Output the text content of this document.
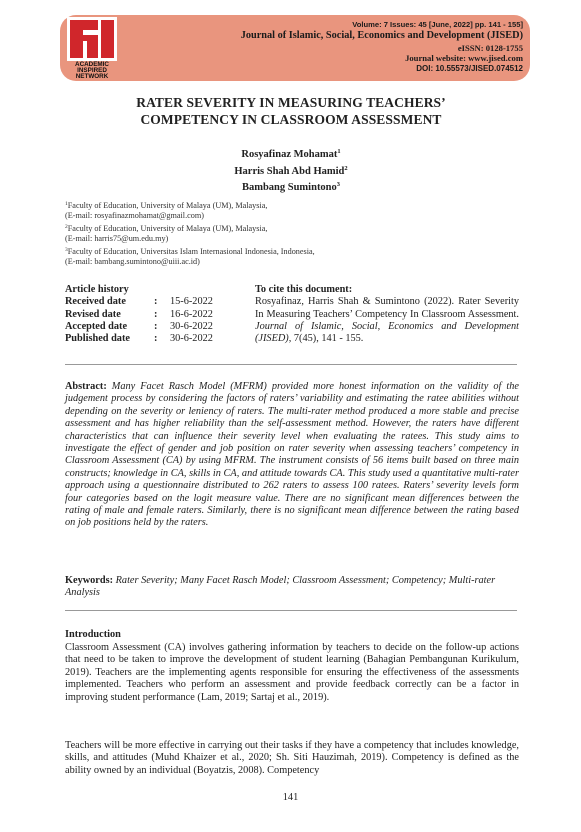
ACADEMIC
INSPIRED
NETWORK
Volume: 7 Issues: 45 [June, 2022] pp. 141 - 155]
Journal of Islamic, Social, Economics and Development (JISED)
eISSN: 0128-1755
Journal website: www.jised.com
DOI: 10.55573/JISED.074512
RATER SEVERITY IN MEASURING TEACHERS’
COMPETENCY IN CLASSROOM ASSESSMENT
Rosyafinaz Mohamat$^1$
Harris Shah Abd Hamid$^2$
Bambang Sumintono$^3$
$^1$Faculty of Education, University of Malaya (UM), Malaysia,
(E-mail: rosyafinazmohamat@gmail.com)
$^2$Faculty of Education, University of Malaya (UM), Malaysia,
(E-mail: harris75@um.edu.my)
$^3$Faculty of Education, Universitas Islam Internasional Indonesia, Indonesia,
(E-mail: bambang.sumintono@uiii.ac.id)
Article history
Received date	:	15-6-2022
Revised date	:	16-6-2022
Accepted date	:	30-6-2022
Published date	:	30-6-2022
To cite this document:
Rosyafinaz, Harris Shah & Sumintono (2022). Rater Severity In Measuring Teachers’ Competency In Classroom Assessment. Journal of Islamic, Social, Economics and Development (JISED), 7(45), 141 - 155.
Abstract: Many Facet Rasch Model (MFRM) provided more honest information on the validity of the judgement process by considering the factors of raters’ variability and estimating the ratee abilities without depending on the severity or leniency of raters. The multi-rater method produced a more stable and precise assessment and has higher reliability than the self-assessment method. However, the raters have different characteristics that can influence their severity level when evaluating the ratees. This study aims to investigate the effect of gender and job position on rater severity when assessing teachers’ competency in Classroom Assessment (CA) by using MFRM. The instrument consists of 56 items built based on three main constructs; knowledge in CA, skills in CA, and attitude towards CA. This study used a quantitative multi-rater approach using a questionnaire distributed to 262 raters to assess 100 ratees. Raters’ severity levels form four categories based on the logit measure value. There are no significant mean differences between the rating of male and female raters. Similarly, there is no significant mean difference between the rating based on job positions held by the raters.
Keywords: Rater Severity; Many Facet Rasch Model; Classroom Assessment; Competency; Multi-rater Analysis
Introduction
Classroom Assessment (CA) involves gathering information by teachers to decide on the follow-up actions that need to be taken to improve the development of student learning (Bahagian Pembangunan Kurikulum, 2019). Teachers are the implementing agents responsible for ensuring the effectiveness of the assessments implemented. Teachers who perform an assessment and provide feedback correctly can be a factor in improving student performance (Lam, 2019; Sartaj et al., 2019).
Teachers will be more effective in carrying out their tasks if they have a competency that includes knowledge, skills, and attitudes (Muhd Khaizer et al., 2020; Sh. Siti Hauzimah, 2019). Competency is defined as the ability owned by an individual (Boyatzis, 2008). Competency
141
